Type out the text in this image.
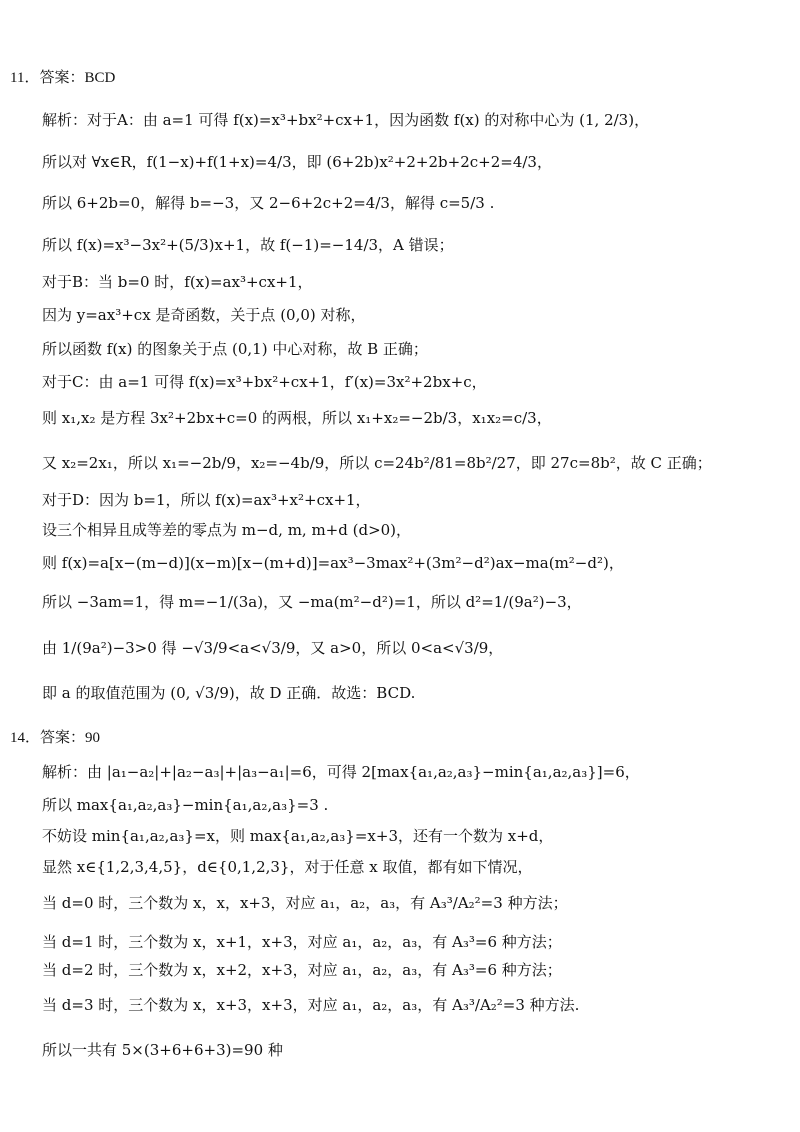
11．答案：BCD
解析：对于A：由 a=1 可得 f(x)=x³+bx²+cx+1，因为函数 f(x) 的对称中心为 (1, 2/3)，
所以对 ∀x∈R，f(1−x)+f(1+x)=4/3，即 (6+2b)x²+2+2b+2c+2=4/3，
所以 6+2b=0，解得 b=−3，又 2−6+2c+2=4/3，解得 c=5/3 .
所以 f(x)=x³−3x²+(5/3)x+1，故 f(−1)=−14/3，A 错误；
对于B：当 b=0 时，f(x)=ax³+cx+1，
因为 y=ax³+cx 是奇函数，关于点 (0,0) 对称，
所以函数 f(x) 的图象关于点 (0,1) 中心对称，故 B 正确；
对于C：由 a=1 可得 f(x)=x³+bx²+cx+1，f′(x)=3x²+2bx+c，
则 x₁,x₂ 是方程 3x²+2bx+c=0 的两根，所以 x₁+x₂=−2b/3，x₁x₂=c/3，
又 x₂=2x₁，所以 x₁=−2b/9，x₂=−4b/9，所以 c=24b²/81=8b²/27，即 27c=8b²，故 C 正确；
对于D：因为 b=1，所以 f(x)=ax³+x²+cx+1，
设三个相异且成等差的零点为 m−d, m, m+d (d>0)，
则 f(x)=a[x−(m−d)](x−m)[x−(m+d)]=ax³−3max²+(3m²−d²)ax−ma(m²−d²)，
所以 −3am=1，得 m=−1/(3a)，又 −ma(m²−d²)=1，所以 d²=1/(9a²)−3，
由 1/(9a²)−3>0 得 −√3/9<a<√3/9，又 a>0，所以 0<a<√3/9，
即 a 的取值范围为 (0, √3/9)，故 D 正确．故选：BCD.
14．答案：90
解析：由 |a₁−a₂|+|a₂−a₃|+|a₃−a₁|=6，可得 2[max{a₁,a₂,a₃}−min{a₁,a₂,a₃}]=6，
所以 max{a₁,a₂,a₃}−min{a₁,a₂,a₃}=3 .
不妨设 min{a₁,a₂,a₃}=x，则 max{a₁,a₂,a₃}=x+3，还有一个数为 x+d，
显然 x∈{1,2,3,4,5}，d∈{0,1,2,3}，对于任意 x 取值，都有如下情况，
当 d=0 时，三个数为 x，x，x+3，对应 a₁，a₂，a₃，有 A₃³/A₂²=3 种方法；
当 d=1 时，三个数为 x，x+1，x+3，对应 a₁，a₂，a₃，有 A₃³=6 种方法；
当 d=2 时，三个数为 x，x+2，x+3，对应 a₁，a₂，a₃，有 A₃³=6 种方法；
当 d=3 时，三个数为 x，x+3，x+3，对应 a₁，a₂，a₃，有 A₃³/A₂²=3 种方法.
所以一共有 5×(3+6+6+3)=90 种
